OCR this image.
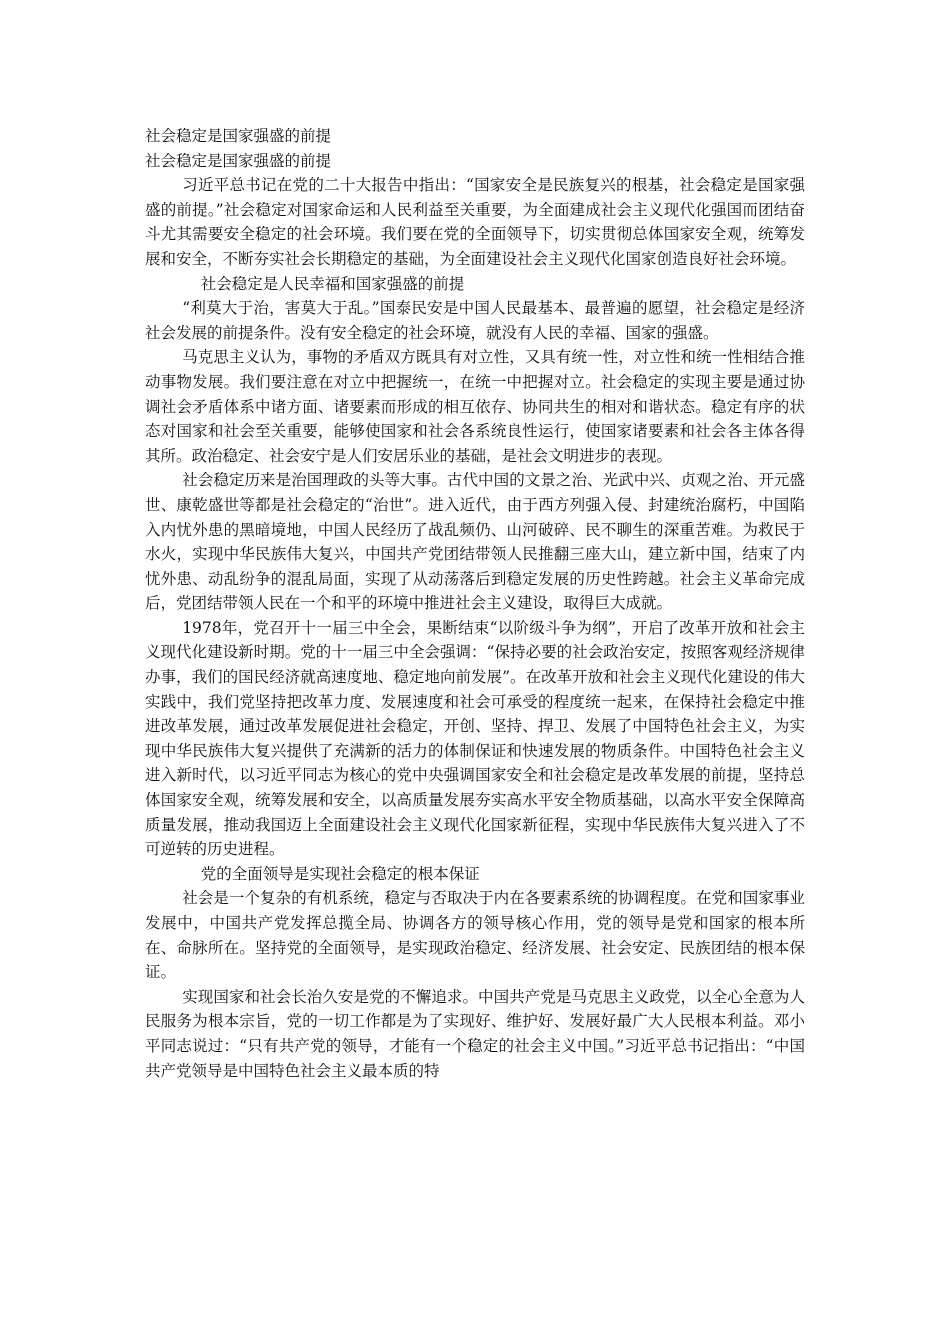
社会稳定是国家强盛的前提

社会稳定是国家强盛的前提

习近平总书记在党的二十大报告中指出：“国家安全是民族复兴的根基，社会稳定是国家强盛的前提。”社会稳定对国家命运和人民利益至关重要，为全面建成社会主义现代化强国而团结奋斗尤其需要安全稳定的社会环境。我们要在党的全面领导下，切实贯彻总体国家安全观，统筹发展和安全，不断夯实社会长期稳定的基础，为全面建设社会主义现代化国家创造良好社会环境。

社会稳定是人民幸福和国家强盛的前提

“利莫大于治，害莫大于乱。”国泰民安是中国人民最基本、最普遍的愿望，社会稳定是经济社会发展的前提条件。没有安全稳定的社会环境，就没有人民的幸福、国家的强盛。

马克思主义认为，事物的矛盾双方既具有对立性，又具有统一性，对立性和统一性相结合推动事物发展。我们要注意在对立中把握统一，在统一中把握对立。社会稳定的实现主要是通过协调社会矛盾体系中诸方面、诸要素而形成的相互依存、协同共生的相对和谐状态。稳定有序的状态对国家和社会至关重要，能够使国家和社会各系统良性运行，使国家诸要素和社会各主体各得其所。政治稳定、社会安宁是人们安居乐业的基础，是社会文明进步的表现。

社会稳定历来是治国理政的头等大事。古代中国的文景之治、光武中兴、贞观之治、开元盛世、康乾盛世等都是社会稳定的“治世”。进入近代，由于西方列强入侵、封建统治腐朽，中国陷入内忧外患的黑暗境地，中国人民经历了战乱频仍、山河破碎、民不聊生的深重苦难。为救民于水火，实现中华民族伟大复兴，中国共产党团结带领人民推翻三座大山，建立新中国，结束了内忧外患、动乱纷争的混乱局面，实现了从动荡落后到稳定发展的历史性跨越。社会主义革命完成后，党团结带领人民在一个和平的环境中推进社会主义建设，取得巨大成就。

1978年，党召开十一届三中全会，果断结束“以阶级斗争为纲”，开启了改革开放和社会主义现代化建设新时期。党的十一届三中全会强调：“保持必要的社会政治安定，按照客观经济规律办事，我们的国民经济就高速度地、稳定地向前发展”。在改革开放和社会主义现代化建设的伟大实践中，我们党坚持把改革力度、发展速度和社会可承受的程度统一起来，在保持社会稳定中推进改革发展，通过改革发展促进社会稳定，开创、坚持、捍卫、发展了中国特色社会主义，为实现中华民族伟大复兴提供了充满新的活力的体制保证和快速发展的物质条件。中国特色社会主义进入新时代，以习近平同志为核心的党中央强调国家安全和社会稳定是改革发展的前提，坚持总体国家安全观，统筹发展和安全，以高质量发展夯实高水平安全物质基础，以高水平安全保障高质量发展，推动我国迈上全面建设社会主义现代化国家新征程，实现中华民族伟大复兴进入了不可逆转的历史进程。

党的全面领导是实现社会稳定的根本保证

社会是一个复杂的有机系统，稳定与否取决于内在各要素系统的协调程度。在党和国家事业发展中，中国共产党发挥总揽全局、协调各方的领导核心作用，党的领导是党和国家的根本所在、命脉所在。坚持党的全面领导，是实现政治稳定、经济发展、社会安定、民族团结的根本保证。

实现国家和社会长治久安是党的不懈追求。中国共产党是马克思主义政党，以全心全意为人民服务为根本宗旨，党的一切工作都是为了实现好、维护好、发展好最广大人民根本利益。邓小平同志说过：“只有共产党的领导，才能有一个稳定的社会主义中国。”习近平总书记指出：“中国共产党领导是中国特色社会主义最本质的特
